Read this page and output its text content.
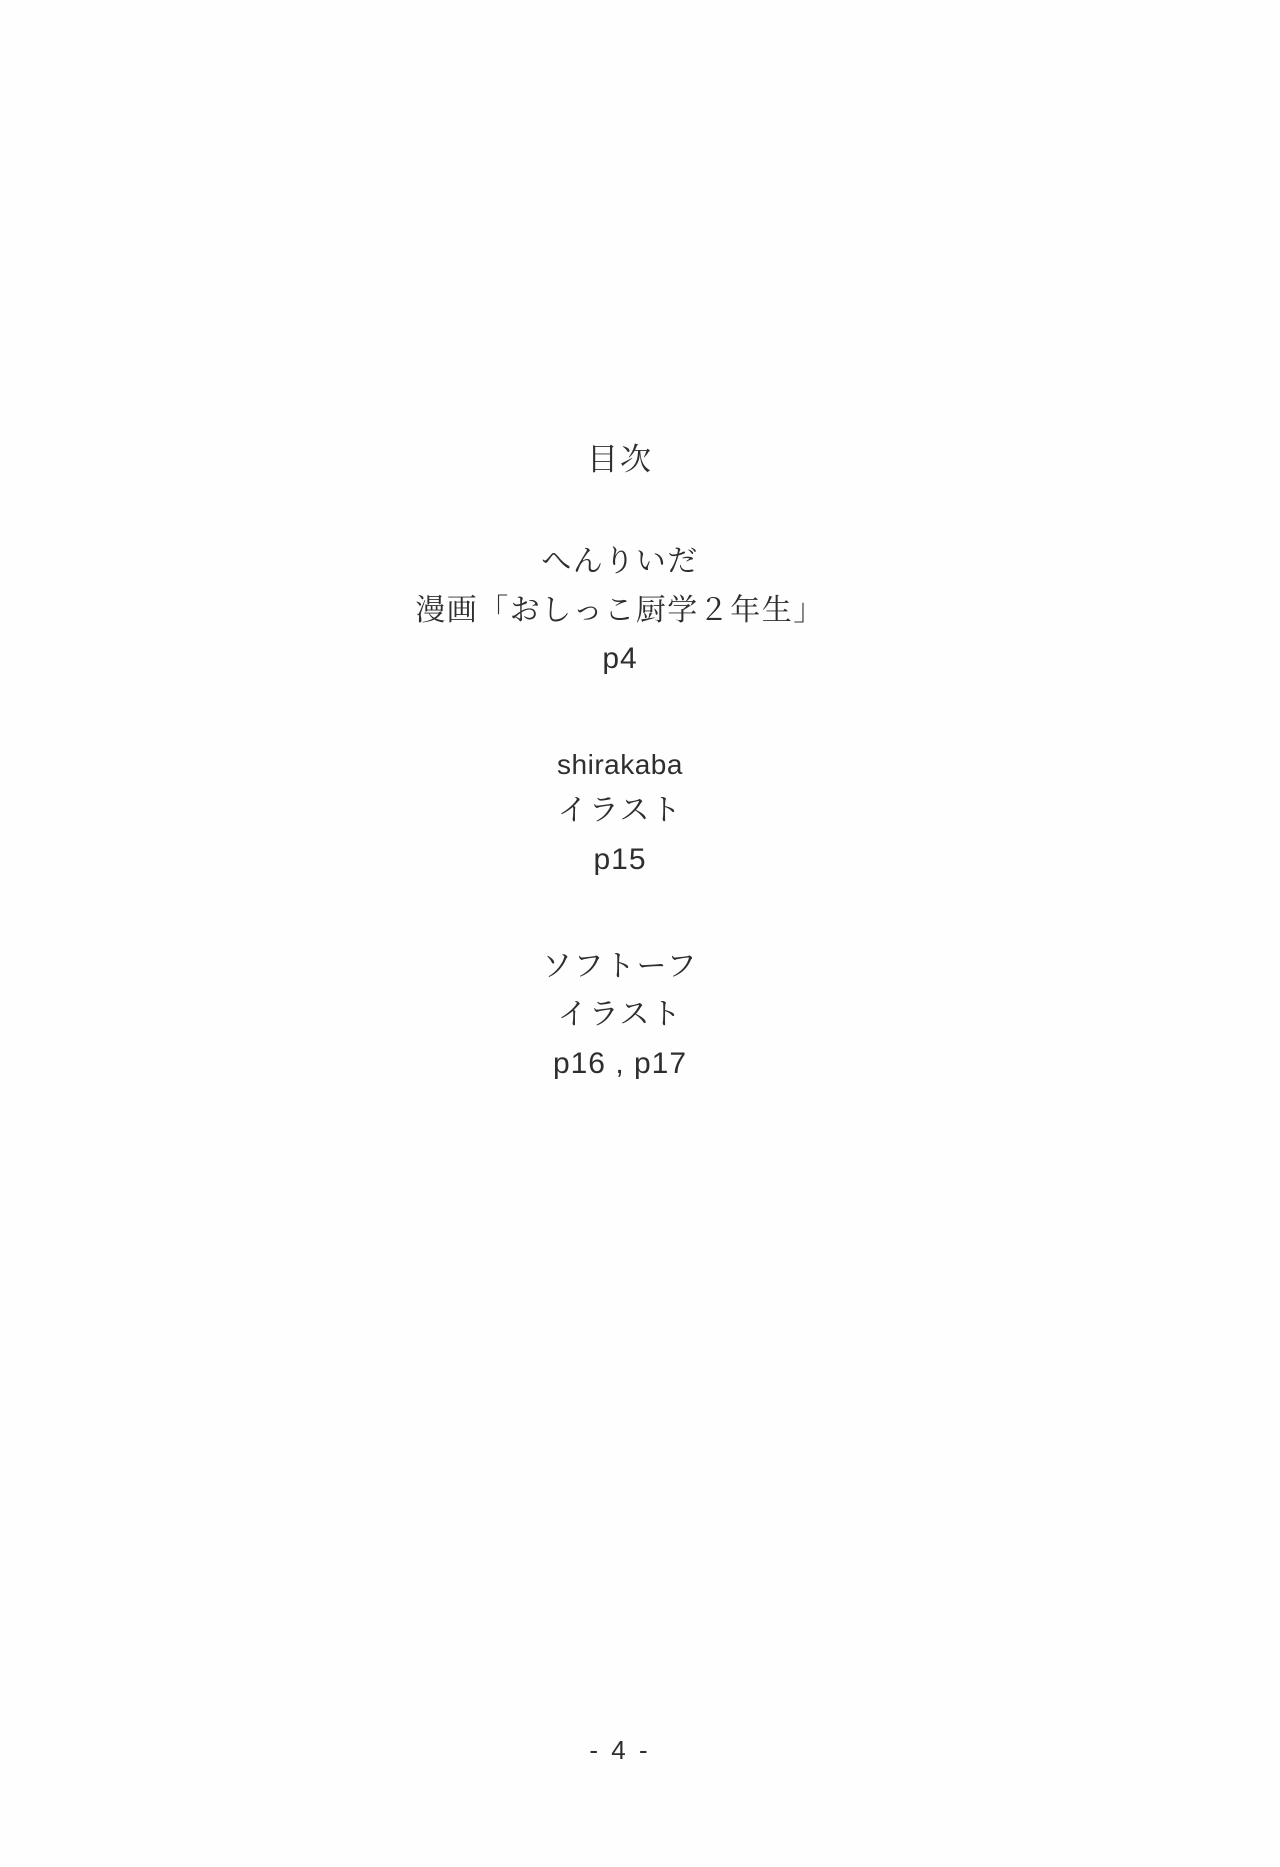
目次
へんりいだ
漫画「おしっこ厨学２年生」
p4
shirakaba
イラスト
p15
ソフトーフ
イラスト
p16 , p17
- 4 -
